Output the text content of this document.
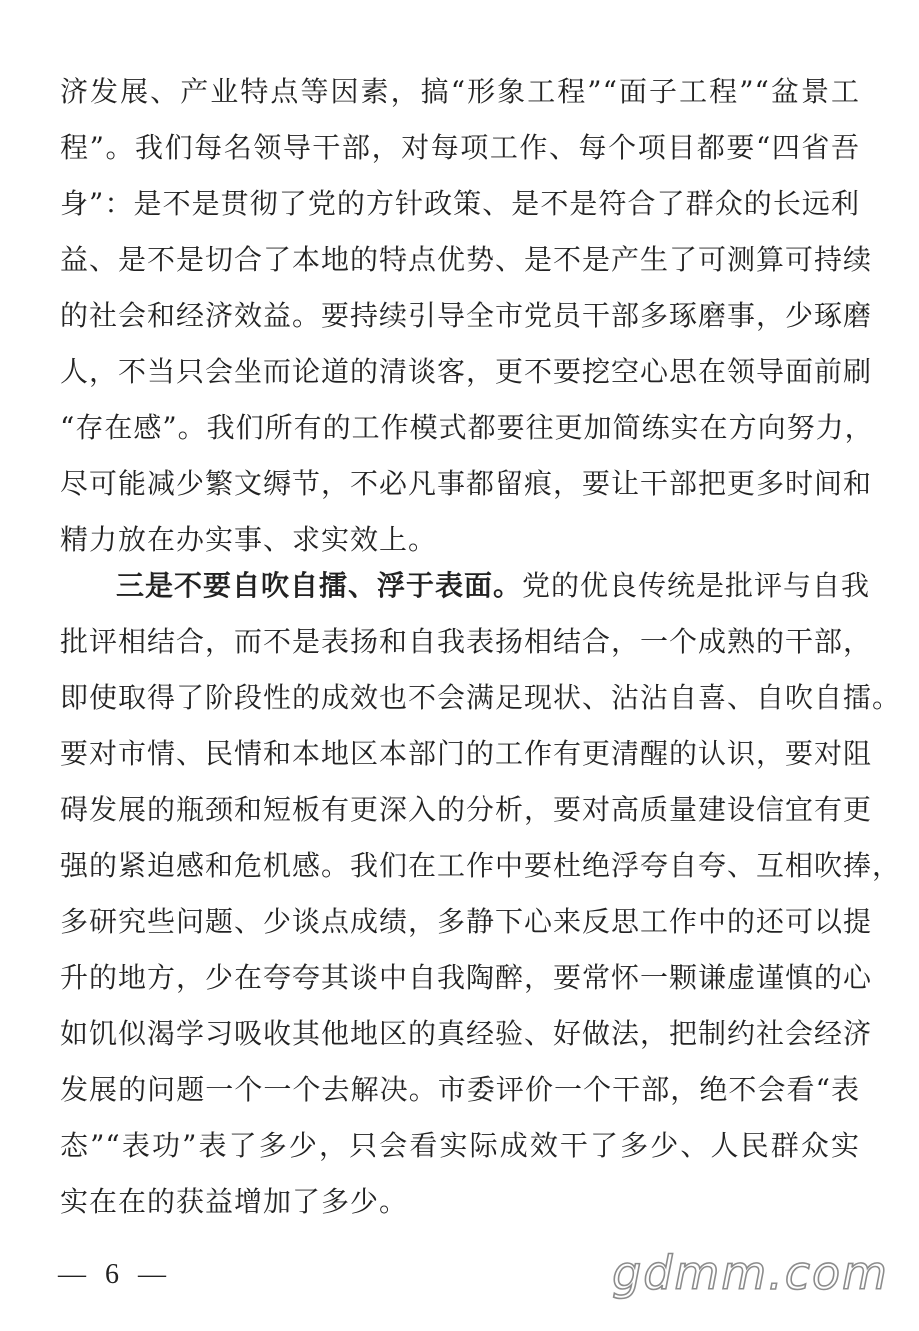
济发展、产业特点等因素，搞“形象工程”“面子工程”“盆景工
程”。我们每名领导干部，对每项工作、每个项目都要“四省吾
身”：是不是贯彻了党的方针政策、是不是符合了群众的长远利
益、是不是切合了本地的特点优势、是不是产生了可测算可持续
的社会和经济效益。要持续引导全市党员干部多琢磨事，少琢磨
人，不当只会坐而论道的清谈客，更不要挖空心思在领导面前刷
“存在感”。我们所有的工作模式都要往更加简练实在方向努力，
尽可能减少繁文缛节，不必凡事都留痕，要让干部把更多时间和
精力放在办实事、求实效上。
三是不要自吹自擂、浮于表面。党的优良传统是批评与自我
批评相结合，而不是表扬和自我表扬相结合，一个成熟的干部，
即使取得了阶段性的成效也不会满足现状、沾沾自喜、自吹自擂。
要对市情、民情和本地区本部门的工作有更清醒的认识，要对阻
碍发展的瓶颈和短板有更深入的分析，要对高质量建设信宜有更
强的紧迫感和危机感。我们在工作中要杜绝浮夸自夸、互相吹捧，
多研究些问题、少谈点成绩，多静下心来反思工作中的还可以提
升的地方，少在夸夸其谈中自我陶醉，要常怀一颗谦虚谨慎的心
如饥似渴学习吸收其他地区的真经验、好做法，把制约社会经济
发展的问题一个一个去解决。市委评价一个干部，绝不会看“表
态”“表功”表了多少，只会看实际成效干了多少、人民群众实
实在在的获益增加了多少。
— 6 —	gdmm.com
